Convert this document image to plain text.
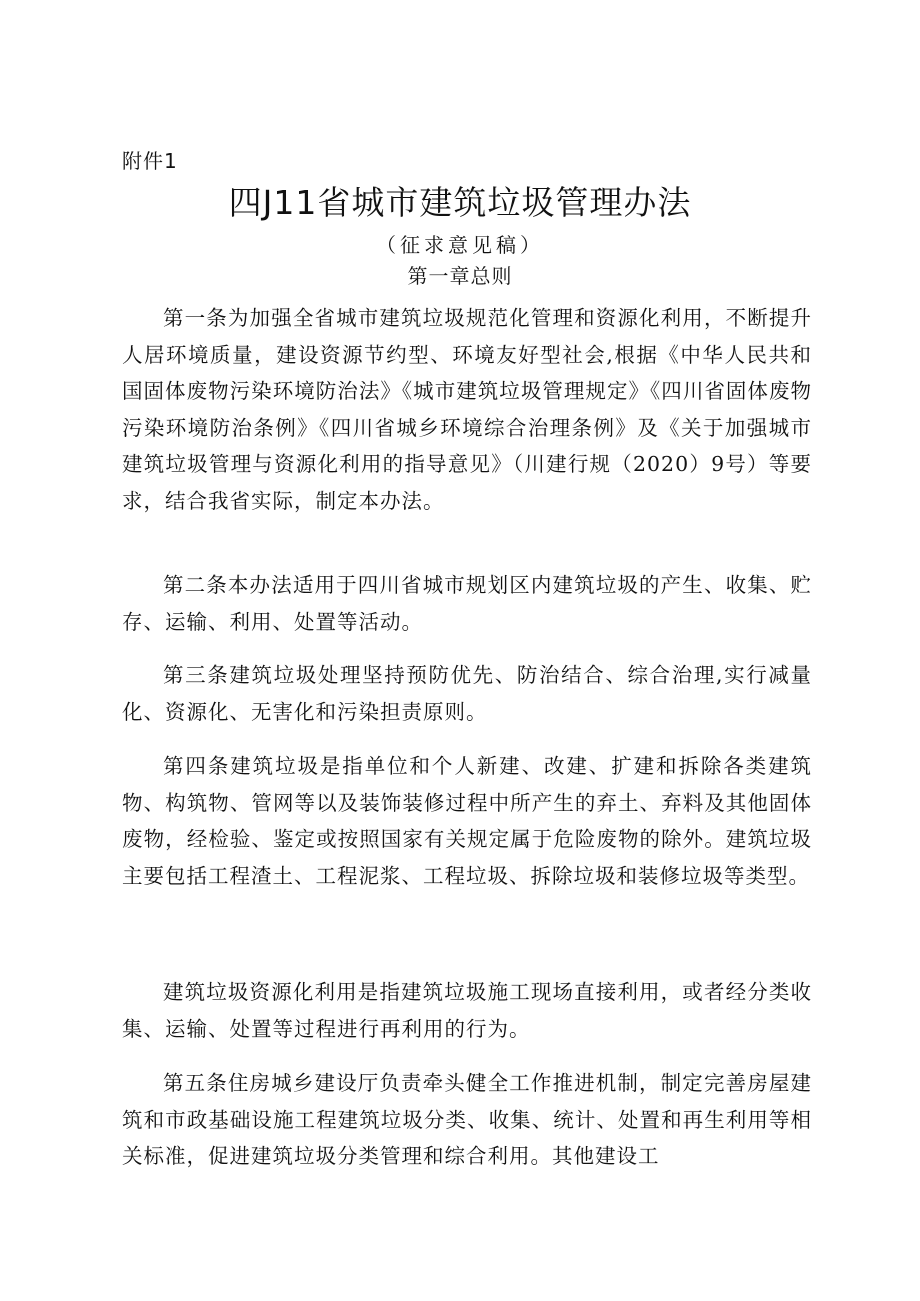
附件1
四J11省城市建筑垃圾管理办法
（征求意见稿）
第一章总则

第一条为加强全省城市建筑垃圾规范化管理和资源化利用，不断提升人居环境质量，建设资源节约型、环境友好型社会,根据《中华人民共和国固体废物污染环境防治法》《城市建筑垃圾管理规定》《四川省固体废物污染环境防治条例》《四川省城乡环境综合治理条例》及《关于加强城市建筑垃圾管理与资源化利用的指导意见》（川建行规（2020）9号）等要求，结合我省实际，制定本办法。

第二条本办法适用于四川省城市规划区内建筑垃圾的产生、收集、贮存、运输、利用、处置等活动。

第三条建筑垃圾处理坚持预防优先、防治结合、综合治理,实行减量化、资源化、无害化和污染担责原则。

第四条建筑垃圾是指单位和个人新建、改建、扩建和拆除各类建筑物、构筑物、管网等以及装饰装修过程中所产生的弃土、弃料及其他固体废物，经检验、鉴定或按照国家有关规定属于危险废物的除外。建筑垃圾主要包括工程渣土、工程泥浆、工程垃圾、拆除垃圾和装修垃圾等类型。

建筑垃圾资源化利用是指建筑垃圾施工现场直接利用，或者经分类收集、运输、处置等过程进行再利用的行为。

第五条住房城乡建设厅负责牵头健全工作推进机制，制定完善房屋建筑和市政基础设施工程建筑垃圾分类、收集、统计、处置和再生利用等相关标准，促进建筑垃圾分类管理和综合利用。其他建设工
